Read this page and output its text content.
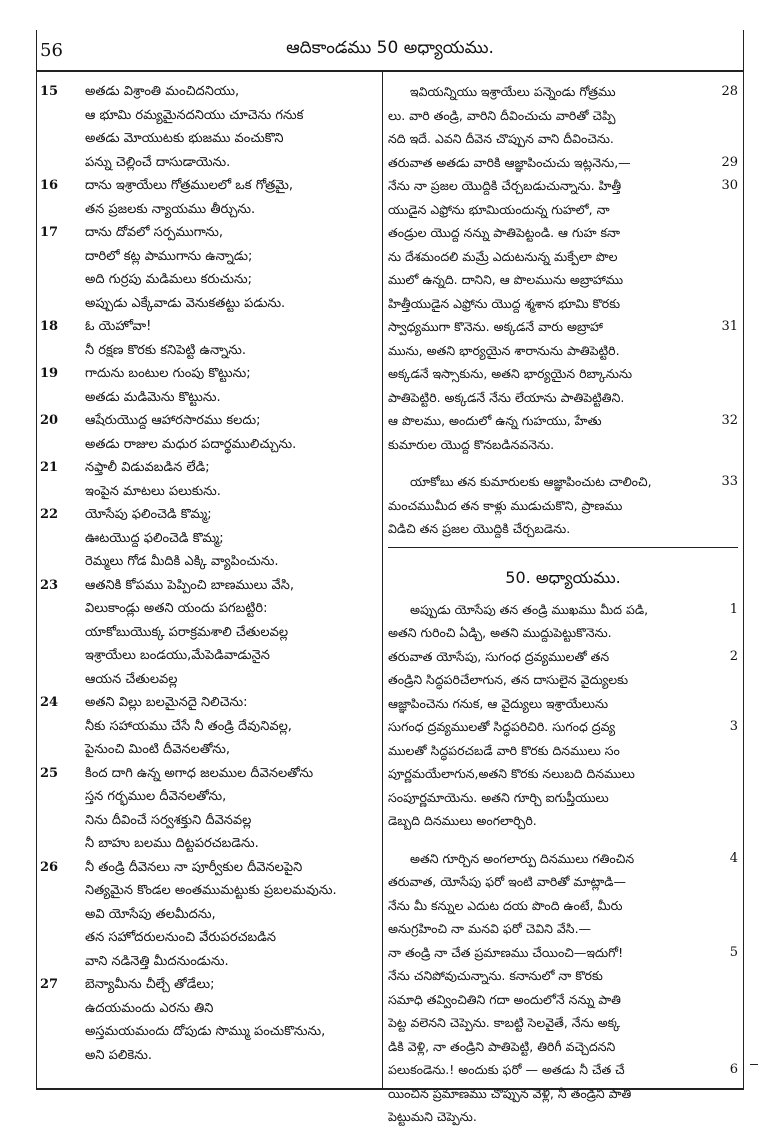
56	ఆదికాండము 50 అధ్యాయము.
15 అతడు విశ్రాంతి మంచిదనియు,
ఆ భూమి రమ్యమైనదనియు చూచెను గనుక
అతడు మోయుటకు భుజము వంచుకొని
పన్ను చెల్లించే దాసుడాయెను.
16 దాను ఇశ్రాయేలు గోత్రములలో ఒక గోత్రమై,
తన ప్రజలకు న్యాయము తీర్చును.
17 దాను దోవలో సర్పముగాను,
దారిలో కట్ల పాముగాను ఉన్నాడు;
అది గుర్రపు మడిమలు కరుచును;
అప్పుడు ఎక్కేవాడు వెనుకతట్టు పడును.
18 ఓ యెహోవా!
నీ రక్షణ కొరకు కనిపెట్టి ఉన్నాను.
19 గాదును బంటుల గుంపు కొట్టును;
అతడు మడిమెను కొట్టును.
20 ఆషేరుయొద్ద ఆహారసారము కలదు;
అతడు రాజుల మధుర పదార్థములిచ్చును.
21 నఫ్తాలీ విడువబడిన లేడి;
ఇంపైన మాటలు పలుకును.
22 యోసేపు ఫలించెడి కొమ్మ;
ఊటయొద్ద ఫలించెడి కొమ్మ;
రెమ్మలు గోడ మీదికి ఎక్కి వ్యాపించును.
23 ఆతనికి కోపము పెప్పించి బాణములు వేసి,
విలుకాండ్లు అతని యందు పగబట్టిరి:
యాకోబుయొక్క పరాక్రమశాలి చేతులవల్ల
ఇశ్రాయేలు బండయు,మేపెడివాడునైన
ఆయన చేతులవల్ల
24 అతని విల్లు బలమైనదై నిలిచెను:
నీకు సహాయము చేసే నీ తండ్రి దేవునివల్ల,
పైనుంచి మింటి దీవెనలతోను,
25 కింద దాగి ఉన్న అగాధ జలముల దీవెనలతోను
స్తన గర్భముల దీవెనలతోను,
నిను దీవించే సర్వశక్తుని దీవెనవల్ల
నీ బాహు బలము దిట్టపరచబడెను.
26 నీ తండ్రి దీవెనలు నా పూర్వీకుల దీవెనలపైని
నిత్యమైన కొండల అంతముమట్టుకు ప్రబలమవును.
అవి యోసేపు తలమీదను,
తన సహోదరులనుంచి వేరుపరచబడిన
వాని నడినెత్తి మీదనుండును.
27 బెన్యామీను చీల్చే తోడేలు;
ఉదయమందు ఎరను తిని
అస్తమయమందు దోపుడు సొమ్ము పంచుకొనును,
అని పలికెను.
ఇవియన్నియు ఇశ్రాయేలు పన్నెండు గోత్రము	28
లు. వారి తండ్రి, వారిని దీవించుచు వారితో చెప్పి
నది ఇదే. ఎవని దీవెన చొప్పున వాని దీవించెను.
తరువాత అతడు వారికి ఆజ్ఞాపించుచు ఇట్లనెను,—	29
నేను నా ప్రజల యొద్దికి చేర్చబడుచున్నాను. హిత్తీ	30
యుడైన ఎఫ్రోను భూమియందున్న గుహలో, నా
తండ్రుల యొద్ద నన్ను పాతిపెట్టండి. ఆ గుహ కనా
ను దేశమందలి మమ్రే ఎదుటనున్న మక్పేలా పొల
ములో ఉన్నది. దానిని, ఆ పొలమును అబ్రాహాము
హిత్తీయుడైన ఎఫ్రోను యొద్ద శ్మశాన భూమి కొరకు
స్వాధ్యముగా కొనెను. అక్కడనే వారు అబ్రాహా	31
మును, అతని భార్యయైన శారానును పాతిపెట్టిరి.
అక్కడనే ఇస్సాకును, అతని భార్యయైన రిబ్కానును
పాతిపెట్టిరి. అక్కడనే నేను లేయాను పాతిపెట్టితిని.
ఆ పొలము, అందులో ఉన్న గుహయు, హేతు	32
కుమారుల యొద్ద కొనబడినవనెను.
యాకోబు తన కుమారులకు ఆజ్ఞాపించుట చాలించి,	33
మంచముమీద తన కాళ్లు ముడుచుకొని, ప్రాణము
విడిచి తన ప్రజల యొద్దికి చేర్చబడెను.
50. అధ్యాయము.
అప్పుడు యోసేపు తన తండ్రి ముఖము మీద పడి,	1
అతని గురించి ఏడ్చి, అతని ముద్దుపెట్టుకొనెను.
తరువాత యోసేపు, సుగంధ ద్రవ్యములతో తన	2
తండ్రిని సిద్ధపరిచేలాగున, తన దాసులైన వైద్యులకు
ఆజ్ఞాపించెను గనుక, ఆ వైద్యులు ఇశ్రాయేలును
సుగంధ ద్రవ్యములతో సిద్ధపరిచిరి. సుగంధ ద్రవ్య	3
ములతో సిద్ధపరచబడే వారి కొరకు దినములు సం
పూర్ణమయేలాగున,అతని కొరకు నలుబది దినములు
సంపూర్ణమాయెను. అతని గూర్చి ఐగుప్తీయులు
డెబ్బది దినములు అంగలార్చిరి.
అతని గూర్చిన అంగలార్పు దినములు గతించిన	4
తరువాత, యోసేపు ఫరో ఇంటి వారితో మాట్లాడి—
నేను మీ కన్నుల ఎదుట దయ పొంది ఉంటే, మీరు
అనుగ్రహించి నా మనవి ఫరో చెవిని వేసి.—
నా తండ్రి నా చేత ప్రమాణము చేయించి—ఇదుగో!	5
నేను చనిపోవుచున్నాను. కనానులో నా కొరకు
సమాధి తవ్వించితిని గదా అందులోనే నన్ను పాతి
పెట్ట వలెనని చెప్పెను. కాబట్టి సెలవైతే, నేను అక్క
డికి వెళ్లి, నా తండ్రిని పాతిపెట్టి, తిరిగీ వచ్చెదనని
పలుకండెను.! అందుకు ఫరో — అతడు నీ చేత చే	6
యించిన ప్రమాణము చొప్పున వెళ్లి, నీ తండ్రిని పాతి
పెట్టుమని చెప్పెను.
